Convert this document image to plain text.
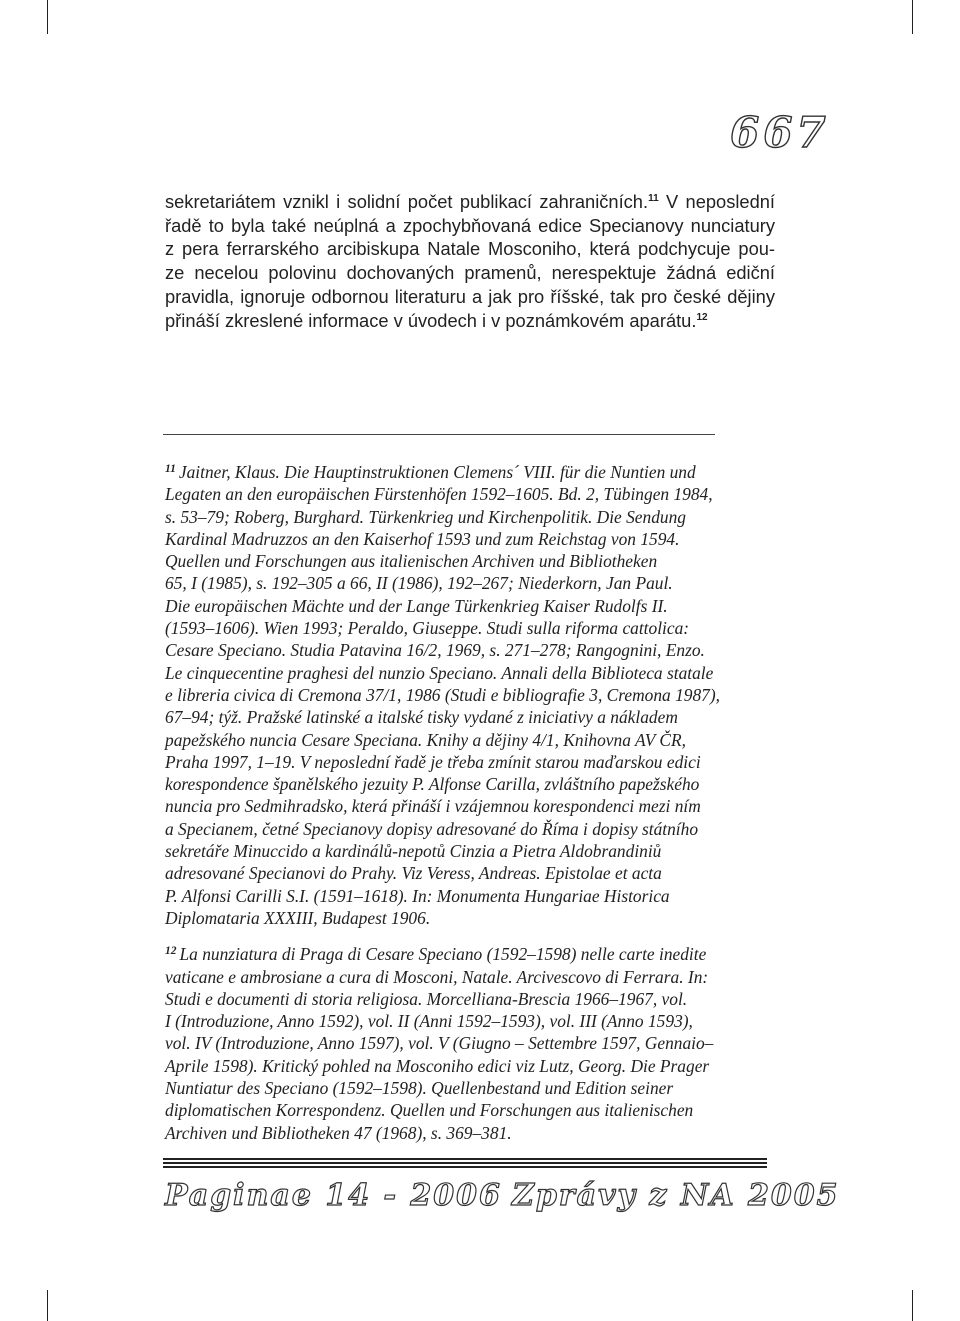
667
sekretariátem vznikl i solidní počet publikací zahraničních.$^{11}$ V neposlední
řadě to byla také neúplná a zpochybňovaná edice Specianovy nunciatury
z pera ferrarského arcibiskupa Natale Mosconiho, která podchycuje pou-
ze necelou polovinu dochovaných pramenů, nerespektuje žádná ediční
pravidla, ignoruje odbornou literaturu a jak pro říšské, tak pro české dějiny
přináší zkreslené informace v úvodech i v poznámkovém aparátu.$^{12}$
$^{11}$ Jaitner, Klaus. Die Hauptinstruktionen Clemens´ VIII. für die Nuntien und
Legaten an den europäischen Fürstenhöfen 1592–1605. Bd. 2, Tübingen 1984,
s. 53–79; Roberg, Burghard. Türkenkrieg und Kirchenpolitik. Die Sendung
Kardinal Madruzzos an den Kaiserhof 1593 und zum Reichstag von 1594.
Quellen und Forschungen aus italienischen Archiven und Bibliotheken
65, I (1985), s. 192–305 a 66, II (1986), 192–267; Niederkorn, Jan Paul.
Die europäischen Mächte und der Lange Türkenkrieg Kaiser Rudolfs II.
(1593–1606). Wien 1993; Peraldo, Giuseppe. Studi sulla riforma cattolica:
Cesare Speciano. Studia Patavina 16/2, 1969, s. 271–278; Rangognini, Enzo.
Le cinquecentine praghesi del nunzio Speciano. Annali della Biblioteca statale
e libreria civica di Cremona 37/1, 1986 (Studi e bibliografie 3, Cremona 1987),
67–94; týž. Pražské latinské a italské tisky vydané z iniciativy a nákladem
papežského nuncia Cesare Speciana. Knihy a dějiny 4/1, Knihovna AV ČR,
Praha 1997, 1–19. V neposlední řadě je třeba zmínit starou maďarskou edici
korespondence španělského jezuity P. Alfonse Carilla, zvláštního papežského
nuncia pro Sedmihradsko, která přináší i vzájemnou korespondenci mezi ním
a Specianem, četné Specianovy dopisy adresované do Říma i dopisy státního
sekretáře Minuccido a kardinálů-nepotů Cinzia a Pietra Aldobrandiniů
adresované Specianovi do Prahy. Viz Veress, Andreas. Epistolae et acta
P. Alfonsi Carilli S.I. (1591–1618). In: Monumenta Hungariae Historica
Diplomataria XXXIII, Budapest 1906.
$^{12}$ La nunziatura di Praga di Cesare Speciano (1592–1598) nelle carte inedite
vaticane e ambrosiane a cura di Mosconi, Natale. Arcivescovo di Ferrara. In:
Studi e documenti di storia religiosa. Morcelliana-Brescia 1966–1967, vol.
I (Introduzione, Anno 1592), vol. II (Anni 1592–1593), vol. III (Anno 1593),
vol. IV (Introduzione, Anno 1597), vol. V (Giugno – Settembre 1597, Gennaio–
Aprile 1598). Kritický pohled na Mosconiho edici viz Lutz, Georg. Die Prager
Nuntiatur des Speciano (1592–1598). Quellenbestand und Edition seiner
diplomatischen Korrespondenz. Quellen und Forschungen aus italienischen
Archiven und Bibliotheken 47 (1968), s. 369–381.
Paginae 14 - 2006 Zprávy z NA 2005
